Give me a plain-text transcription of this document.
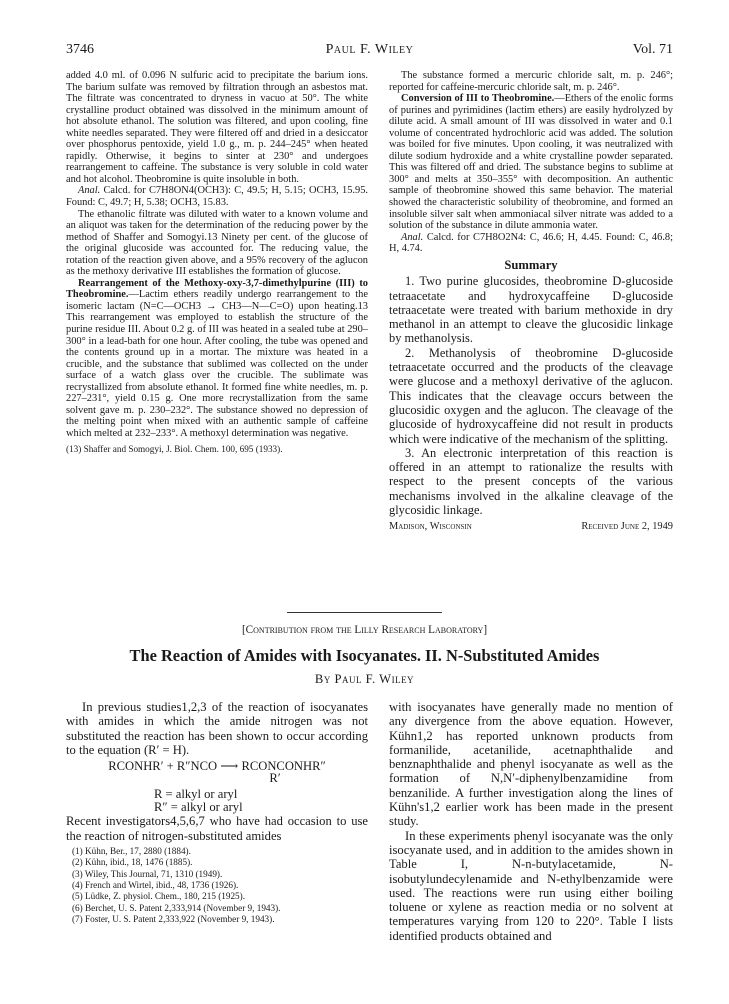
3746	Paul F. Wiley	Vol. 71

added 4.0 ml. of 0.096 N sulfuric acid to precipitate the barium ions. The barium sulfate was removed by filtration through an asbestos mat. The filtrate was concentrated to dryness in vacuo at 50°. The white crystalline product obtained was dissolved in the minimum amount of hot absolute ethanol. The solution was filtered, and upon cooling, fine white needles separated. They were filtered off and dried in a desiccator over phosphorus pentoxide, yield 1.0 g., m. p. 244–245° when heated rapidly. Otherwise, it begins to sinter at 230° and undergoes rearrangement to caffeine. The substance is very soluble in cold water and hot alcohol. Theobromine is quite insoluble in both.

Anal. Calcd. for C7H8ON4(OCH3): C, 49.5; H, 5.15; OCH3, 15.95. Found: C, 49.7; H, 5.38; OCH3, 15.83.

The ethanolic filtrate was diluted with water to a known volume and an aliquot was taken for the determination of the reducing power by the method of Shaffer and Somogyi.13 Ninety per cent. of the glucose of the original glucoside was accounted for. The reducing value, the rotation of the reaction given above, and a 95% recovery of the aglucon as the methoxy derivative III establishes the formation of glucose.

Rearrangement of the Methoxy-oxy-3,7-dimethylpurine (III) to Theobromine.—Lactim ethers readily undergo rearrangement to the isomeric lactam (N=C—OCH3 → CH3—N—C=O) upon heating.13 This rearrangement was employed to establish the structure of the purine residue III. About 0.2 g. of III was heated in a sealed tube at 290–300° in a lead-bath for one hour. After cooling, the tube was opened and the contents ground up in a mortar. The mixture was heated in a crucible, and the substance that sublimed was collected on the under surface of a watch glass over the crucible. The sublimate was recrystallized from absolute ethanol. It formed fine white needles, m. p. 227–231°, yield 0.15 g. One more recrystallization from the same solvent gave m. p. 230–232°. The substance showed no depression of the melting point when mixed with an authentic sample of caffeine which melted at 232–233°. A methoxyl determination was negative.

(13) Shaffer and Somogyi, J. Biol. Chem. 100, 695 (1933).

The substance formed a mercuric chloride salt, m. p. 246°; reported for caffeine-mercuric chloride salt, m. p. 246°.

Conversion of III to Theobromine.—Ethers of the enolic forms of purines and pyrimidines (lactim ethers) are easily hydrolyzed by dilute acid. A small amount of III was dissolved in water and 0.1 volume of concentrated hydrochloric acid was added. The solution was boiled for five minutes. Upon cooling, it was neutralized with dilute sodium hydroxide and a white crystalline powder separated. This was filtered off and dried. The substance begins to sublime at 300° and melts at 350–355° with decomposition. An authentic sample of theobromine showed this same behavior. The material showed the characteristic solubility of theobromine, and formed an insoluble silver salt when ammoniacal silver nitrate was added to a solution of the substance in dilute ammonia water.

Anal. Calcd. for C7H8O2N4: C, 46.6; H, 4.45. Found: C, 46.8; H, 4.74.

Summary

1. Two purine glucosides, theobromine D-glucoside tetraacetate and hydroxycaffeine D-glucoside tetraacetate were treated with barium methoxide in dry methanol in an attempt to cleave the glucosidic linkage by methanolysis.

2. Methanolysis of theobromine D-glucoside tetraacetate occurred and the products of the cleavage were glucose and a methoxyl derivative of the aglucon. This indicates that the cleavage occurs between the glucosidic oxygen and the aglucon. The cleavage of the glucoside of hydroxycaffeine did not result in products which were indicative of the mechanism of the splitting.

3. An electronic interpretation of this reaction is offered in an attempt to rationalize the results with respect to the present concepts of the various mechanisms involved in the alkaline cleavage of the glycosidic linkage.

Madison, Wisconsin	Received June 2, 1949
[Contribution from the Lilly Research Laboratory]
The Reaction of Amides with Isocyanates. II. N-Substituted Amides
By Paul F. Wiley

In previous studies1,2,3 of the reaction of isocyanates with amides in which the amide nitrogen was not substituted the reaction has been shown to occur according to the equation (R′ = H).

RCONHR′ + R″NCO ⟶ RCONCONHR″
R′
R = alkyl or aryl
R″ = alkyl or aryl

Recent investigators4,5,6,7 who have had occasion to use the reaction of nitrogen-substituted amides

(1) Kühn, Ber., 17, 2880 (1884).
(2) Kühn, ibid., 18, 1476 (1885).
(3) Wiley, This Journal, 71, 1310 (1949).
(4) French and Wirtel, ibid., 48, 1736 (1926).
(5) Lüdke, Z. physiol. Chem., 180, 215 (1925).
(6) Berchet, U. S. Patent 2,333,914 (November 9, 1943).
(7) Foster, U. S. Patent 2,333,922 (November 9, 1943).

with isocyanates have generally made no mention of any divergence from the above equation. However, Kühn1,2 has reported unknown products from formanilide, acetanilide, acetnaphthalide and benznaphthalide and phenyl isocyanate as well as the formation of N,N′-diphenylbenzamidine from benzanilide. A further investigation along the lines of Kühn's1,2 earlier work has been made in the present study.

In these experiments phenyl isocyanate was the only isocyanate used, and in addition to the amides shown in Table I, N-n-butylacetamide, N-isobutylundecylenamide and N-ethylbenzamide were used. The reactions were run using either boiling toluene or xylene as reaction media or no solvent at temperatures varying from 120 to 220°. Table I lists identified products obtained and
